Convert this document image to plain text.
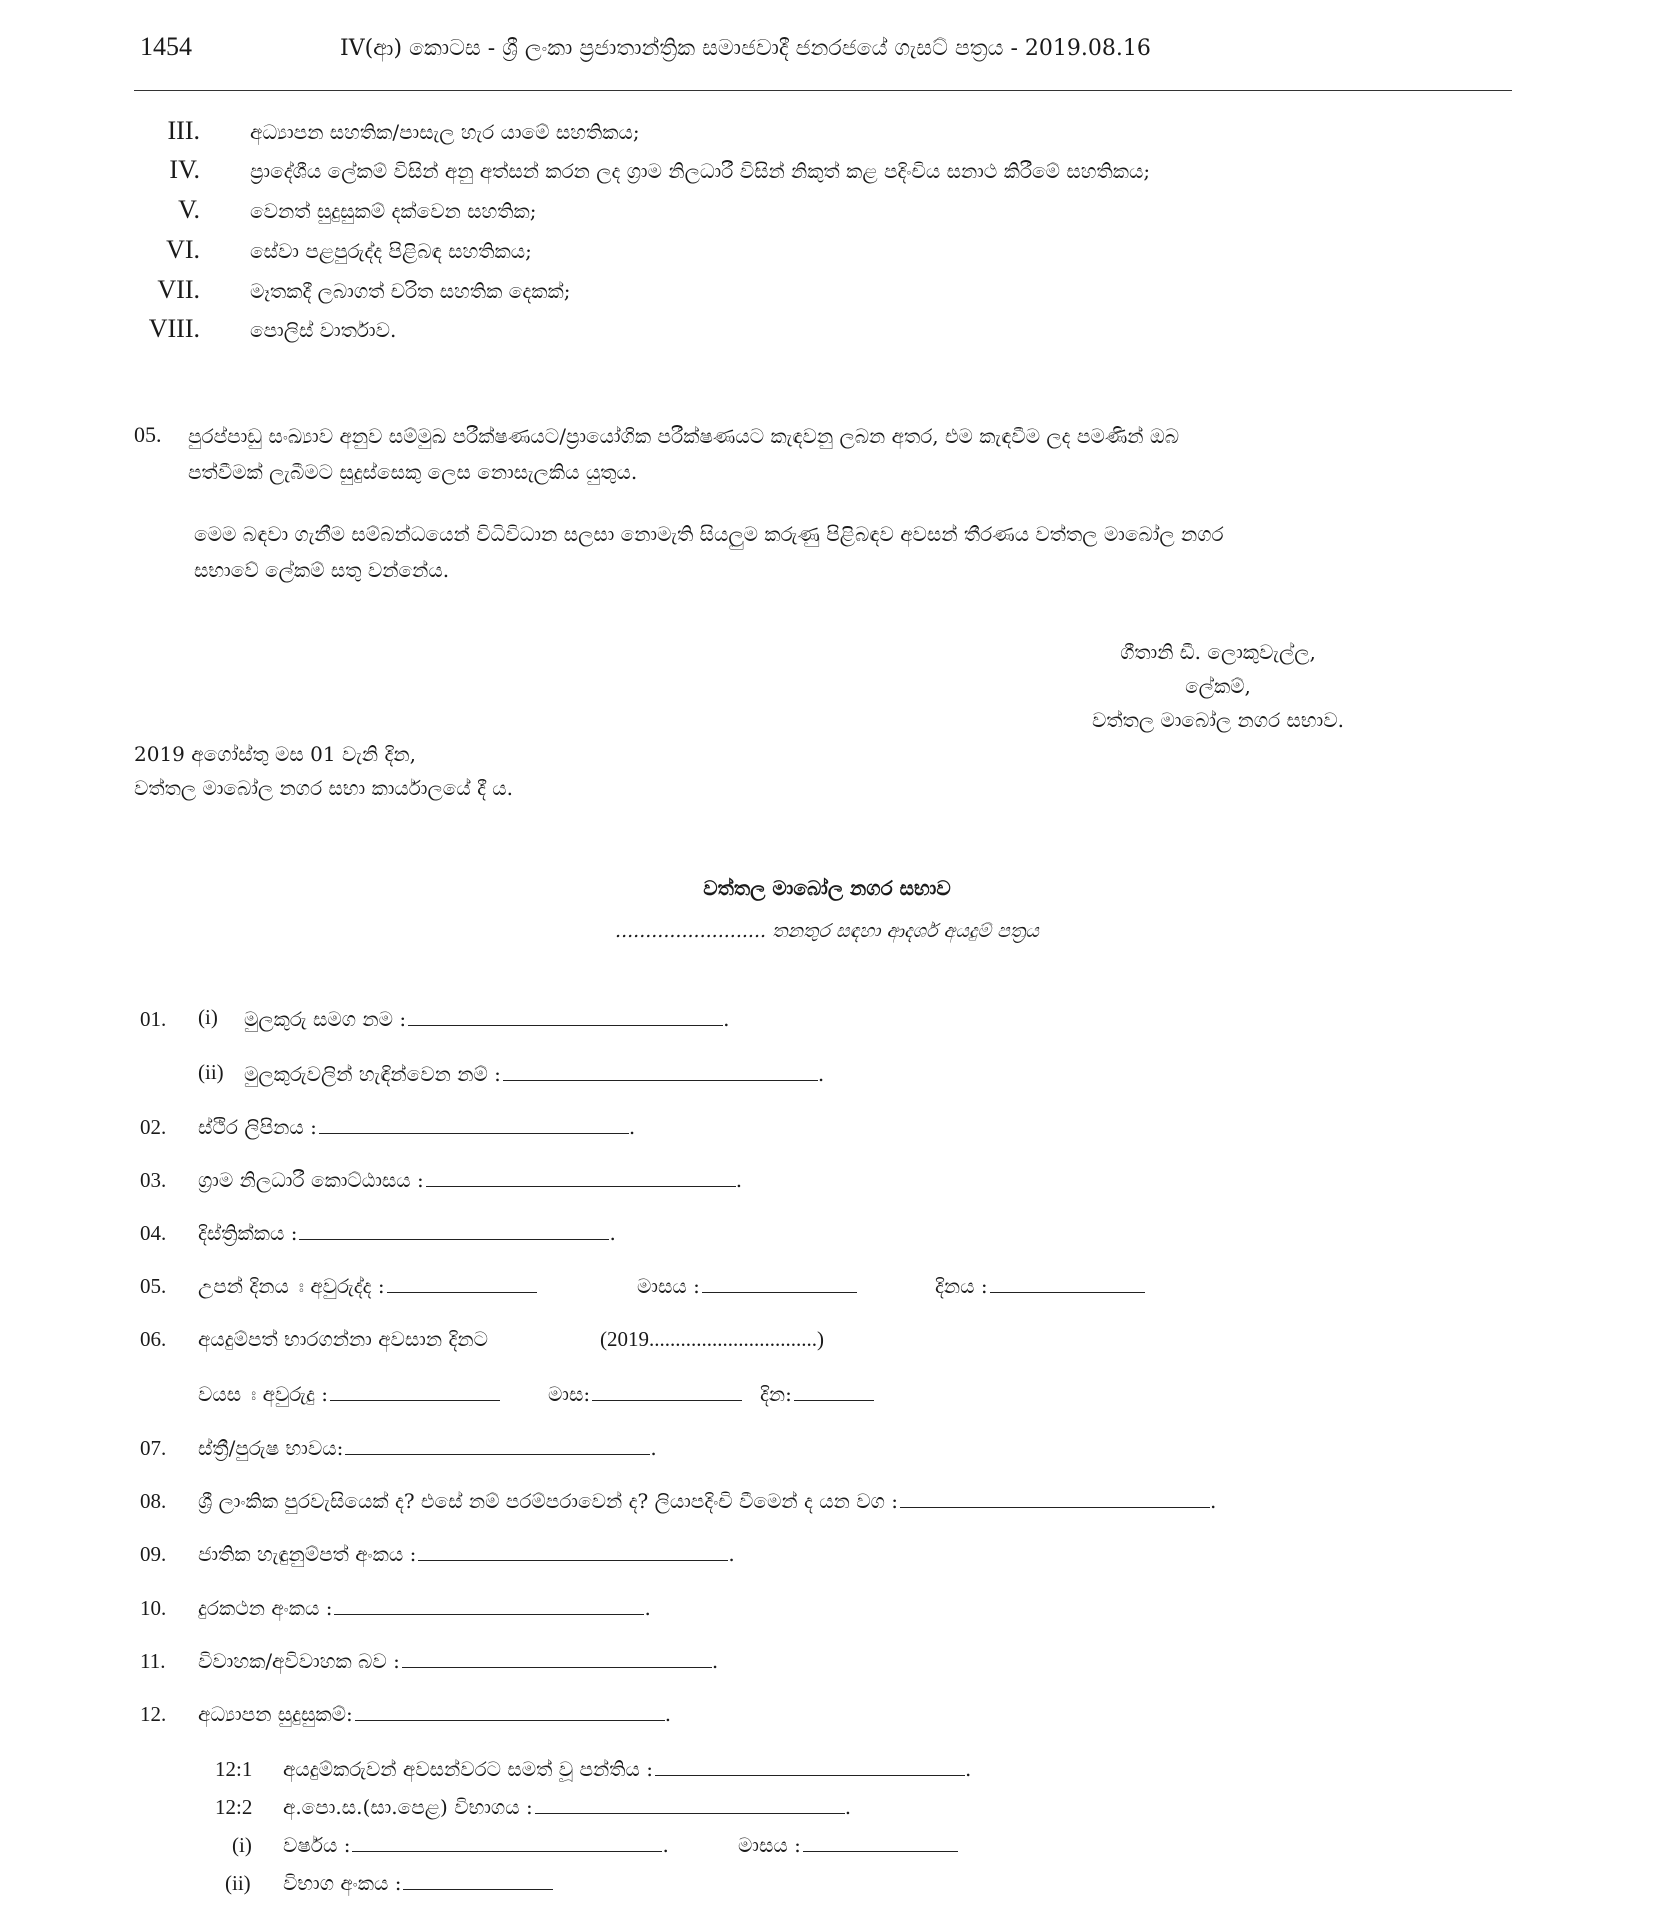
1454	IV(ආ) කොටස - ශ්‍රී ලංකා ප්‍රජාතාන්ත්‍රික සමාජවාදී ජනරජයේ ගැසට් පත්‍රය - 2019.08.16
III.	අධ්‍යාපන සහතික/පාසැල හැර යාමේ සහතිකය;
IV.	ප්‍රාදේශීය ලේකම් විසින් අනු අත්සන් කරන ලද ග්‍රාම නිලධාරී විසින් නිකුත් කළ පදිංචිය සනාථ කිරීමේ සහතිකය;
V.	වෙනත් සුදුසුකම් දක්වෙන සහතික;
VI.	සේවා පළපුරුද්ද පිළිබඳ සහතිකය;
VII.	මෑතකදී ලබාගත් චරිත සහතික දෙකක්;
VIII.	පොලිස් වාර්තාව.
05. පුරප්පාඩු සංඛ්‍යාව අනුව සම්මුඛ පරීක්ෂණයට/ප්‍රායෝගික පරීක්ෂණයට කැඳවනු ලබන අතර, එම කැඳවීම ලද පමණින් ඔබ
පත්වීමක් ලැබීමට සුදුස්සෙකු ලෙස නොසැලකිය යුතුය.
මෙම බඳවා ගැනීම සම්බන්ධයෙන් විධිවිධාන සලසා නොමැති සියලුම කරුණු පිළිබඳව අවසන් තීරණය වත්තල මාබෝල නගර
සභාවේ ලේකම් සතු වන්නේය.
ගීතානි ඩී. ලොකුවැල්ල,
ලේකම්,
වත්තල මාබෝල නගර සභාව.
2019 අගෝස්තු මස 01 වැනි දින,
වත්තල මාබෝල නගර සභා කාර්යාලයේ දී ය.
වත්තල මාබෝල නගර සභාව
......................... තනතුර සඳහා ආදර්ශ අයදුම් පත්‍රය
01. (i) මුලකුරු සමග නම :	.
(ii) මුලකුරුවලින් හැඳින්වෙන නම් :	.
02. ස්ථිර ලිපිනය :	.
03. ග්‍රාම නිලධාරී කොට්ඨාසය :	.
04. දිස්ත්‍රික්කය :	.
05. උපන් දිනය ඃ අවුරුද්ද :	මාසය :	දිනය :
06. අයදුම්පත් භාරගන්නා අවසාන දිනට	(2019................................)
වයස ඃ අවුරුදු :	මාස:	දින:
07. ස්ත්‍රී/පුරුෂ භාවය:	.
08. ශ්‍රී ලාංකික පුරවැසියෙක් ද? එසේ නම් පරම්පරාවෙන් ද? ලියාපදිංචි වීමෙන් ද යන වග :	.
09. ජාතික හැඳුනුම්පත් අංකය :	.
10. දුරකථන අංකය :	.
11. විවාහක/අවිවාහක බව :	.
12. අධ්‍යාපන සුදුසුකම්:	.
12:1 අයදුම්කරුවන් අවසන්වරට සමත් වූ පන්තිය :	.
12:2 අ.පො.ස.(සා.පෙළ) විභාගය :	.
(i) වර්ෂය :	.	මාසය :
(ii) විභාග අංකය :
